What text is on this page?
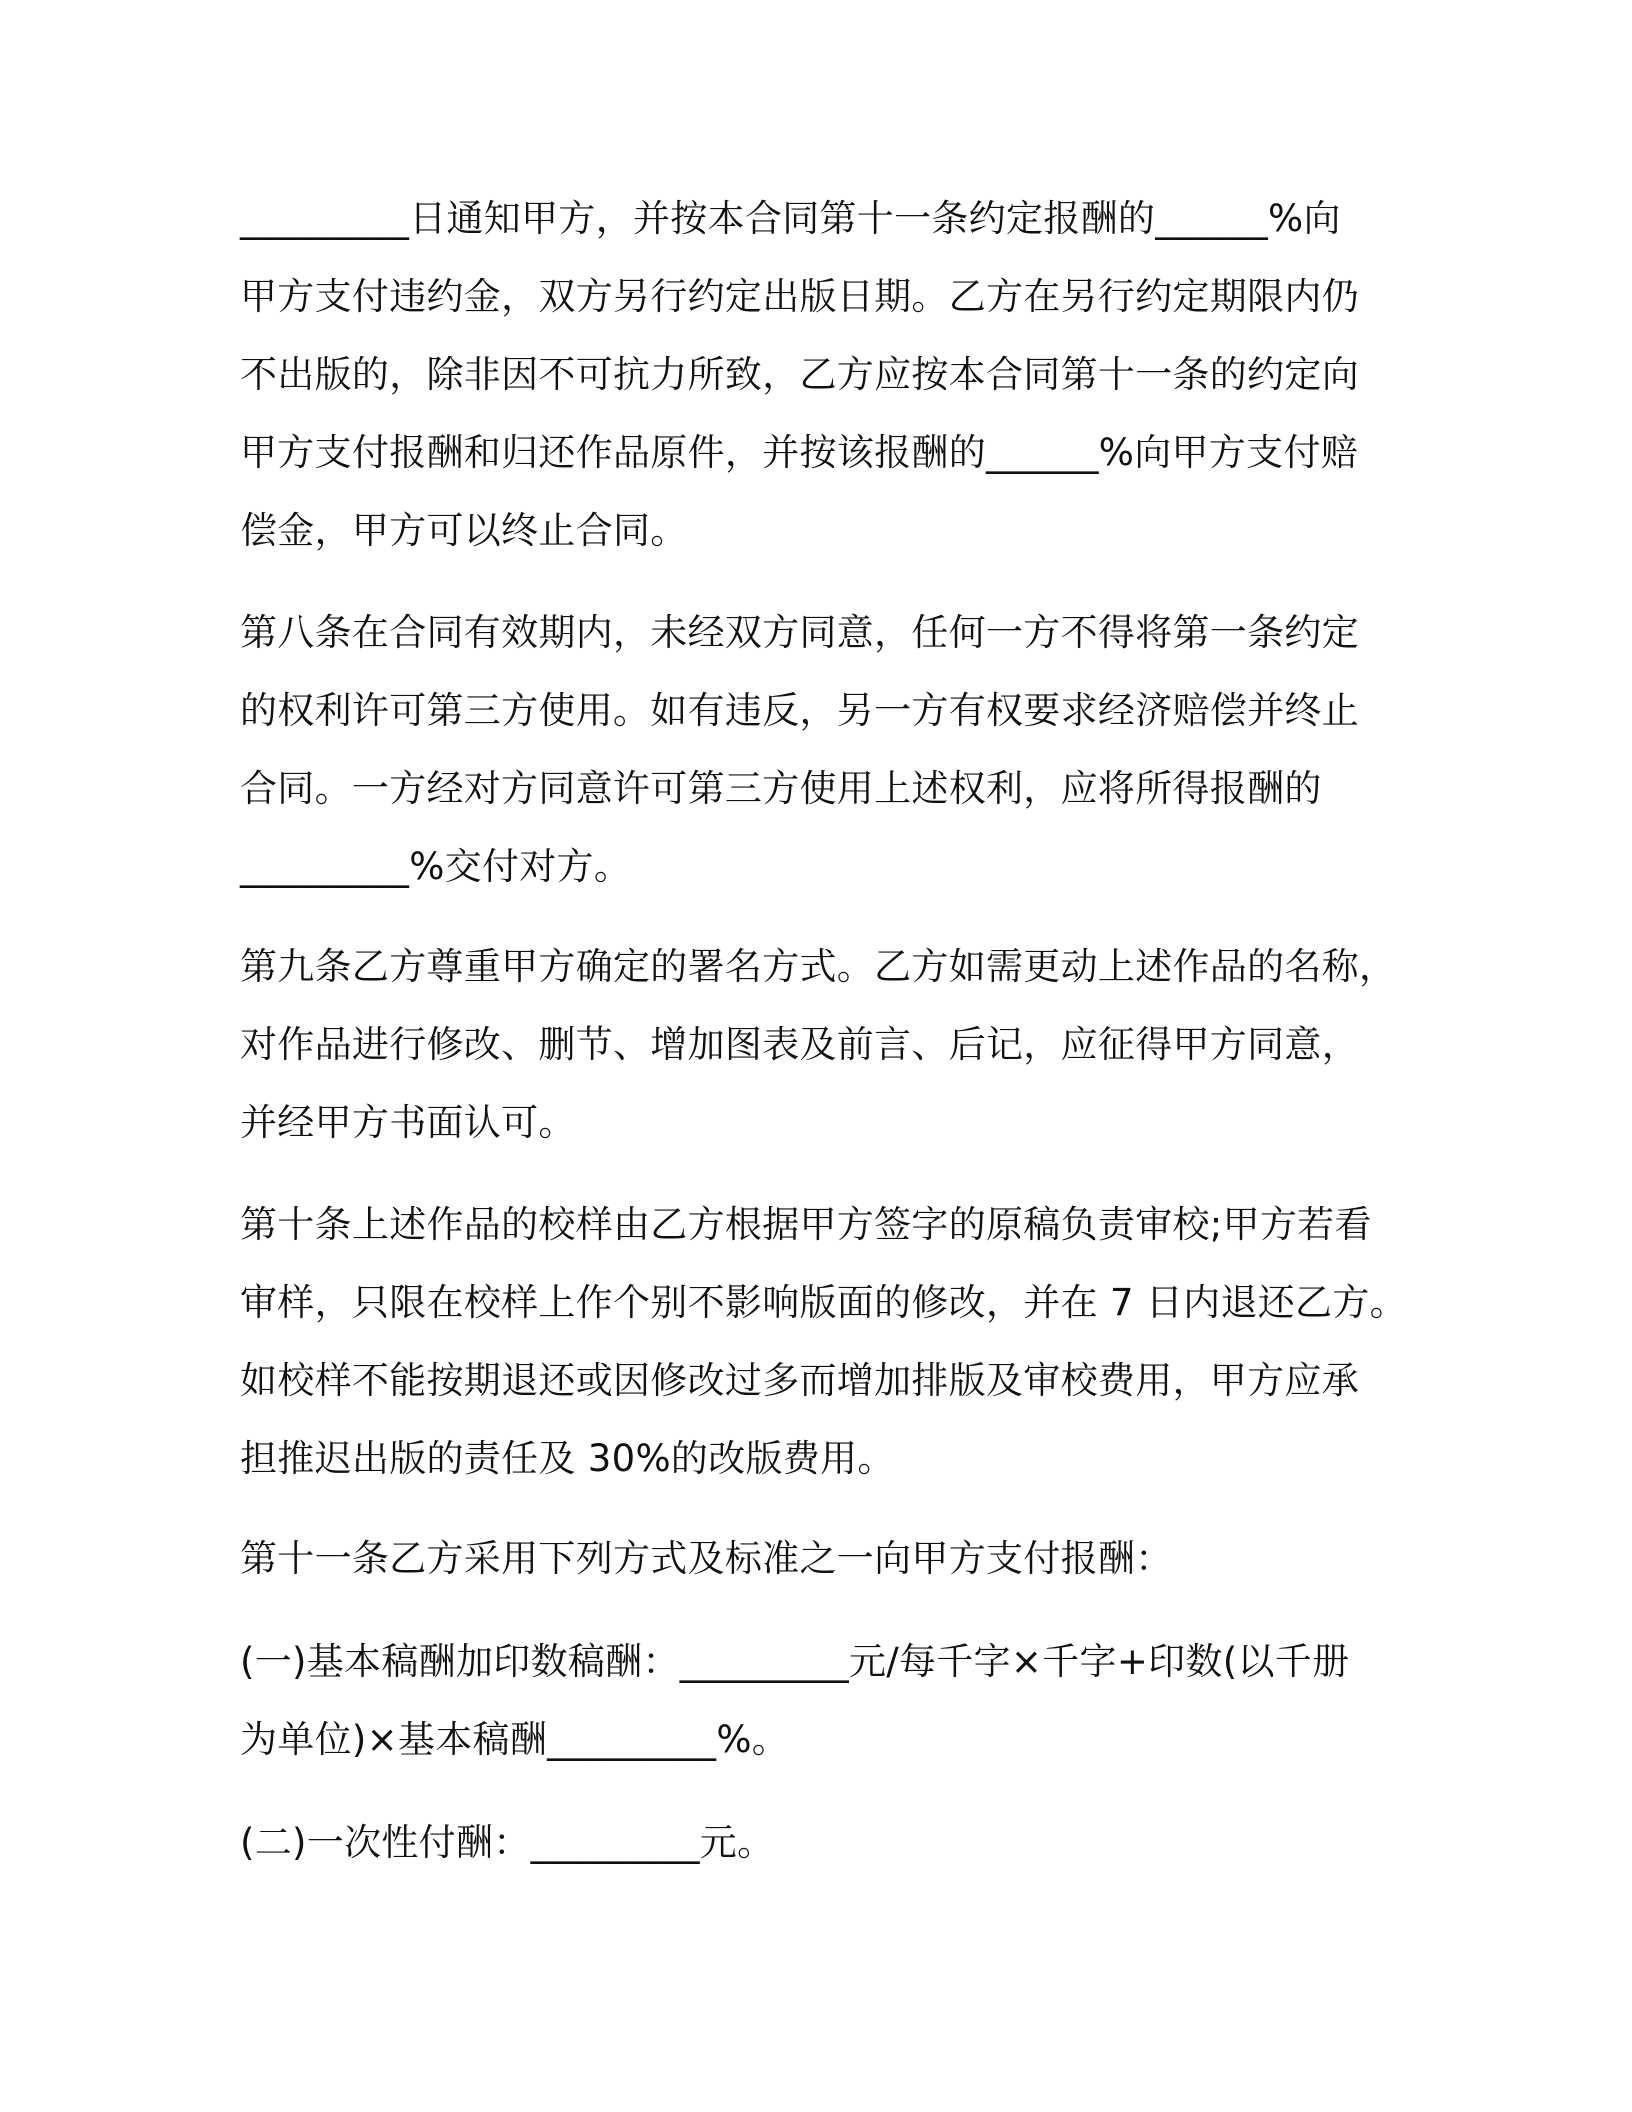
_________日通知甲方，并按本合同第十一条约定报酬的______%向
甲方支付违约金，双方另行约定出版日期。乙方在另行约定期限内仍
不出版的，除非因不可抗力所致，乙方应按本合同第十一条的约定向
甲方支付报酬和归还作品原件，并按该报酬的______%向甲方支付赔
偿金，甲方可以终止合同。
第八条在合同有效期内，未经双方同意，任何一方不得将第一条约定
的权利许可第三方使用。如有违反，另一方有权要求经济赔偿并终止
合同。一方经对方同意许可第三方使用上述权利，应将所得报酬的
_________%交付对方。
第九条乙方尊重甲方确定的署名方式。乙方如需更动上述作品的名称，
对作品进行修改、删节、增加图表及前言、后记，应征得甲方同意，
并经甲方书面认可。
第十条上述作品的校样由乙方根据甲方签字的原稿负责审校;甲方若看
审样，只限在校样上作个别不影响版面的修改，并在 7 日内退还乙方。
如校样不能按期退还或因修改过多而增加排版及审校费用，甲方应承
担推迟出版的责任及 30%的改版费用。
第十一条乙方采用下列方式及标准之一向甲方支付报酬：
(一)基本稿酬加印数稿酬：_________元/每千字×千字+印数(以千册
为单位)×基本稿酬_________%。
(二)一次性付酬：_________元。
